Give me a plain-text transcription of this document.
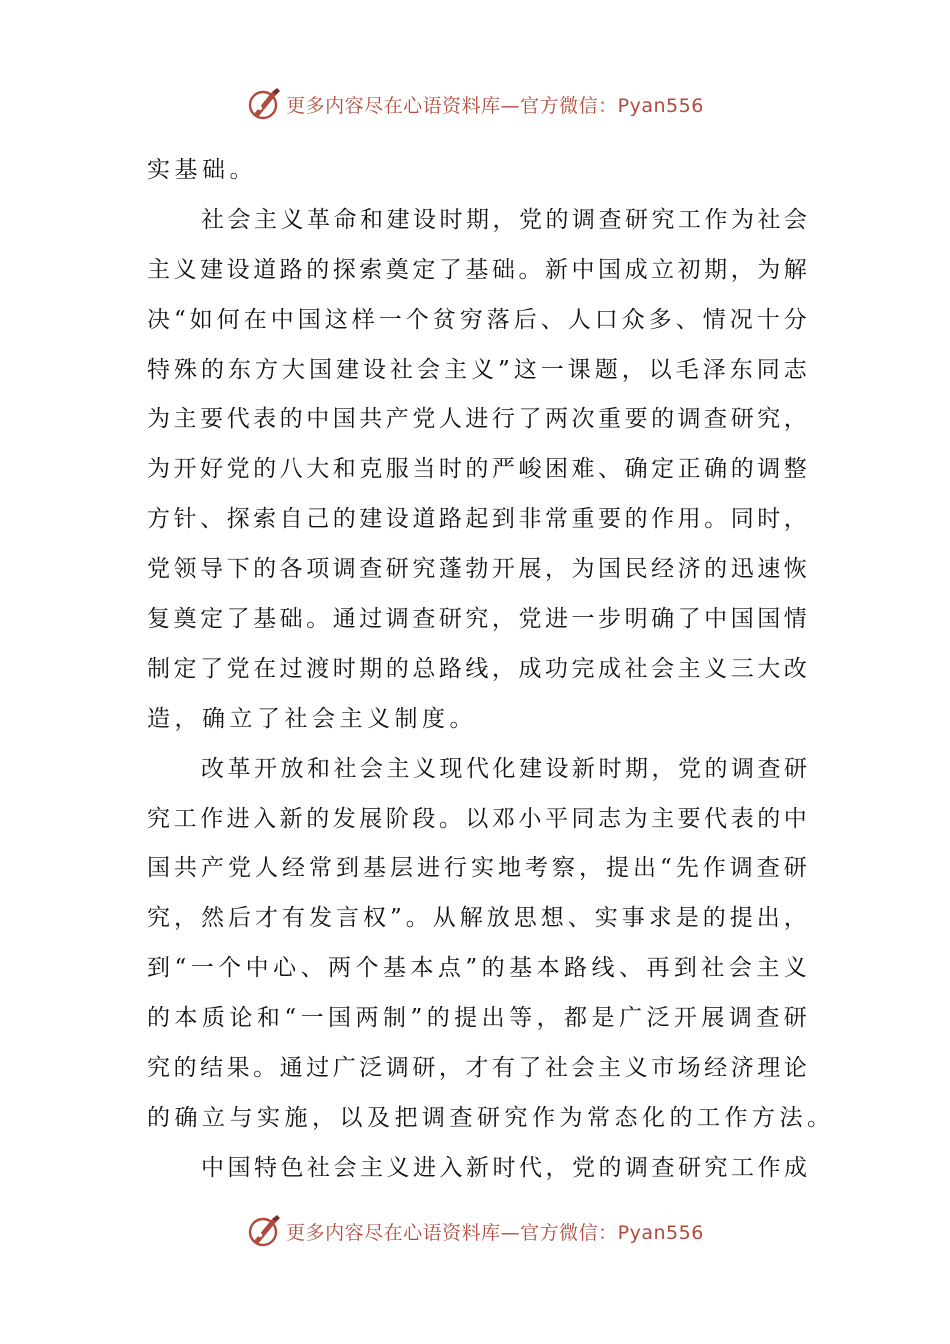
更多内容尽在心语资料库—官方微信：Pyan556
实基础。
社 会 主 义 革 命 和 建 设 时 期 ， 党 的 调 查 研 究 工 作 为 社 会
主 义 建 设 道 路 的 探 索 奠 定 了 基 础 。 新 中 国 成 立 初 期 ， 为 解
决 “ 如 何 在 中 国 这 样 一 个 贫 穷 落 后 、 人 口 众 多 、 情 况 十 分
特 殊 的 东 方 大 国 建 设 社 会 主 义 ” 这 一 课 题 ， 以 毛 泽 东 同 志
为 主 要 代 表 的 中 国 共 产 党 人 进 行 了 两 次 重 要 的 调 查 研 究 ，
为 开 好 党 的 八 大 和 克 服 当 时 的 严 峻 困 难 、 确 定 正 确 的 调 整
方 针 、 探 索 自 己 的 建 设 道 路 起 到 非 常 重 要 的 作 用 。 同 时 ，
党 领 导 下 的 各 项 调 查 研 究 蓬 勃 开 展 ， 为 国 民 经 济 的 迅 速 恢
复 奠 定 了 基 础 。 通 过 调 查 研 究 ， 党 进 一 步 明 确 了 中 国 国 情
制 定 了 党 在 过 渡 时 期 的 总 路 线 ， 成 功 完 成 社 会 主 义 三 大 改
造，确立了社会主义制度。
改 革 开 放 和 社 会 主 义 现 代 化 建 设 新 时 期 ， 党 的 调 查 研
究 工 作 进 入 新 的 发 展 阶 段 。 以 邓 小 平 同 志 为 主 要 代 表 的 中
国 共 产 党 人 经 常 到 基 层 进 行 实 地 考 察 ， 提 出 “ 先 作 调 查 研
究 ， 然 后 才 有 发 言 权 ” 。 从 解 放 思 想 、 实 事 求 是 的 提 出 ，
到 “ 一 个 中 心 、 两 个 基 本 点 ” 的 基 本 路 线 、 再 到 社 会 主 义
的 本 质 论 和 “ 一 国 两 制 ” 的 提 出 等 ， 都 是 广 泛 开 展 调 查 研
究 的 结 果 。 通 过 广 泛 调 研 ， 才 有 了 社 会 主 义 市 场 经 济 理 论
的确立与实施，以及把调查研究作为常态化的工作方法。
中 国 特 色 社 会 主 义 进 入 新 时 代 ， 党 的 调 查 研 究 工 作 成
更多内容尽在心语资料库—官方微信：Pyan556
